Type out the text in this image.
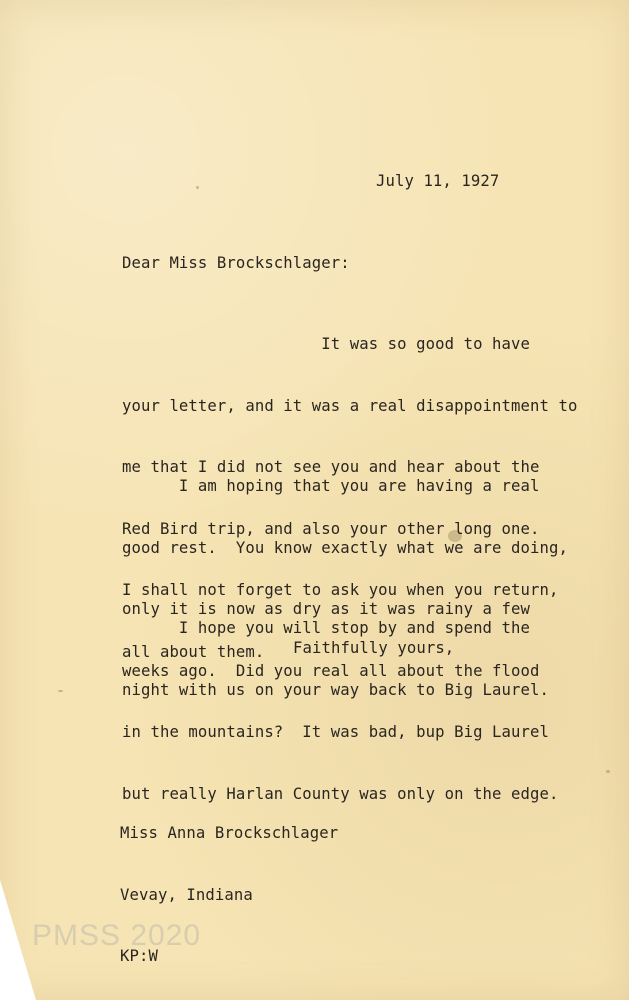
July 11, 1927
Dear Miss Brockschlager:

It was so good to have

your letter, and it was a real disappointment to

me that I did not see you and hear about the

Red Bird trip, and also your other long one.

I shall not forget to ask you when you return,

all about them.

I am hoping that you are having a real

good rest.  You know exactly what we are doing,

only it is now as dry as it was rainy a few

weeks ago.  Did you real all about the flood

in the mountains?  It was bad, bup Big Laurel

but really Harlan County was only on the edge.

I hope you will stop by and spend the

night with us on your way back to Big Laurel.

Faithfully yours,

Miss Anna Brockschlager

Vevay, Indiana

KP:W

PMSS 2020
